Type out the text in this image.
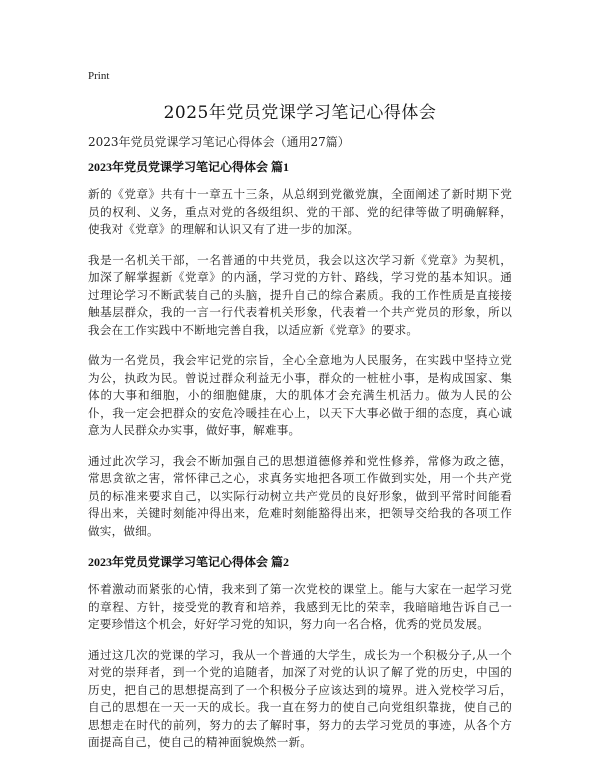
Print
2025年党员党课学习笔记心得体会
2023年党员党课学习笔记心得体会（通用27篇）
2023年党员党课学习笔记心得体会 篇1

新的《党章》共有十一章五十三条，从总纲到党徽党旗，全面阐述了新时期下党员的权利、义务，重点对党的各级组织、党的干部、党的纪律等做了明确解释，使我对《党章》的理解和认识又有了进一步的加深。

我是一名机关干部，一名普通的中共党员，我会以这次学习新《党章》为契机，加深了解掌握新《党章》的内涵，学习党的方针、路线，学习党的基本知识。通过理论学习不断武装自己的头脑，提升自己的综合素质。我的工作性质是直接接触基层群众，我的一言一行代表着机关形象，代表着一个共产党员的形象，所以我会在工作实践中不断地完善自我，以适应新《党章》的要求。

做为一名党员，我会牢记党的宗旨，全心全意地为人民服务，在实践中坚持立党为公，执政为民。曾说过群众利益无小事，群众的一桩桩小事，是构成国家、集体的大事和细胞，小的细胞健康，大的肌体才会充满生机活力。做为人民的公仆，我一定会把群众的安危冷暖挂在心上，以天下大事必做于细的态度，真心诚意为人民群众办实事，做好事，解难事。

通过此次学习，我会不断加强自己的思想道德修养和党性修养，常修为政之德，常思贪欲之害，常怀律己之心，求真务实地把各项工作做到实处，用一个共产党员的标准来要求自己，以实际行动树立共产党员的良好形象，做到平常时间能看得出来，关键时刻能冲得出来，危难时刻能豁得出来，把领导交给我的各项工作做实，做细。

2023年党员党课学习笔记心得体会 篇2

怀着激动而紧张的心情，我来到了第一次党校的课堂上。能与大家在一起学习党的章程、方针，接受党的教育和培养，我感到无比的荣幸，我暗暗地告诉自己一定要珍惜这个机会，好好学习党的知识，努力向一名合格，优秀的党员发展。

通过这几次的党课的学习，我从一个普通的大学生，成长为一个积极分子,从一个对党的崇拜者，到一个党的追随者，加深了对党的认识了解了党的历史，中国的历史，把自己的思想提高到了一个积极分子应该达到的境界。进入党校学习后，自己的思想在一天一天的成长。我一直在努力的使自己向党组织靠拢，使自己的思想走在时代的前列，努力的去了解时事，努力的去学习党员的事迹，从各个方面提高自己，使自己的精神面貌焕然一新。
